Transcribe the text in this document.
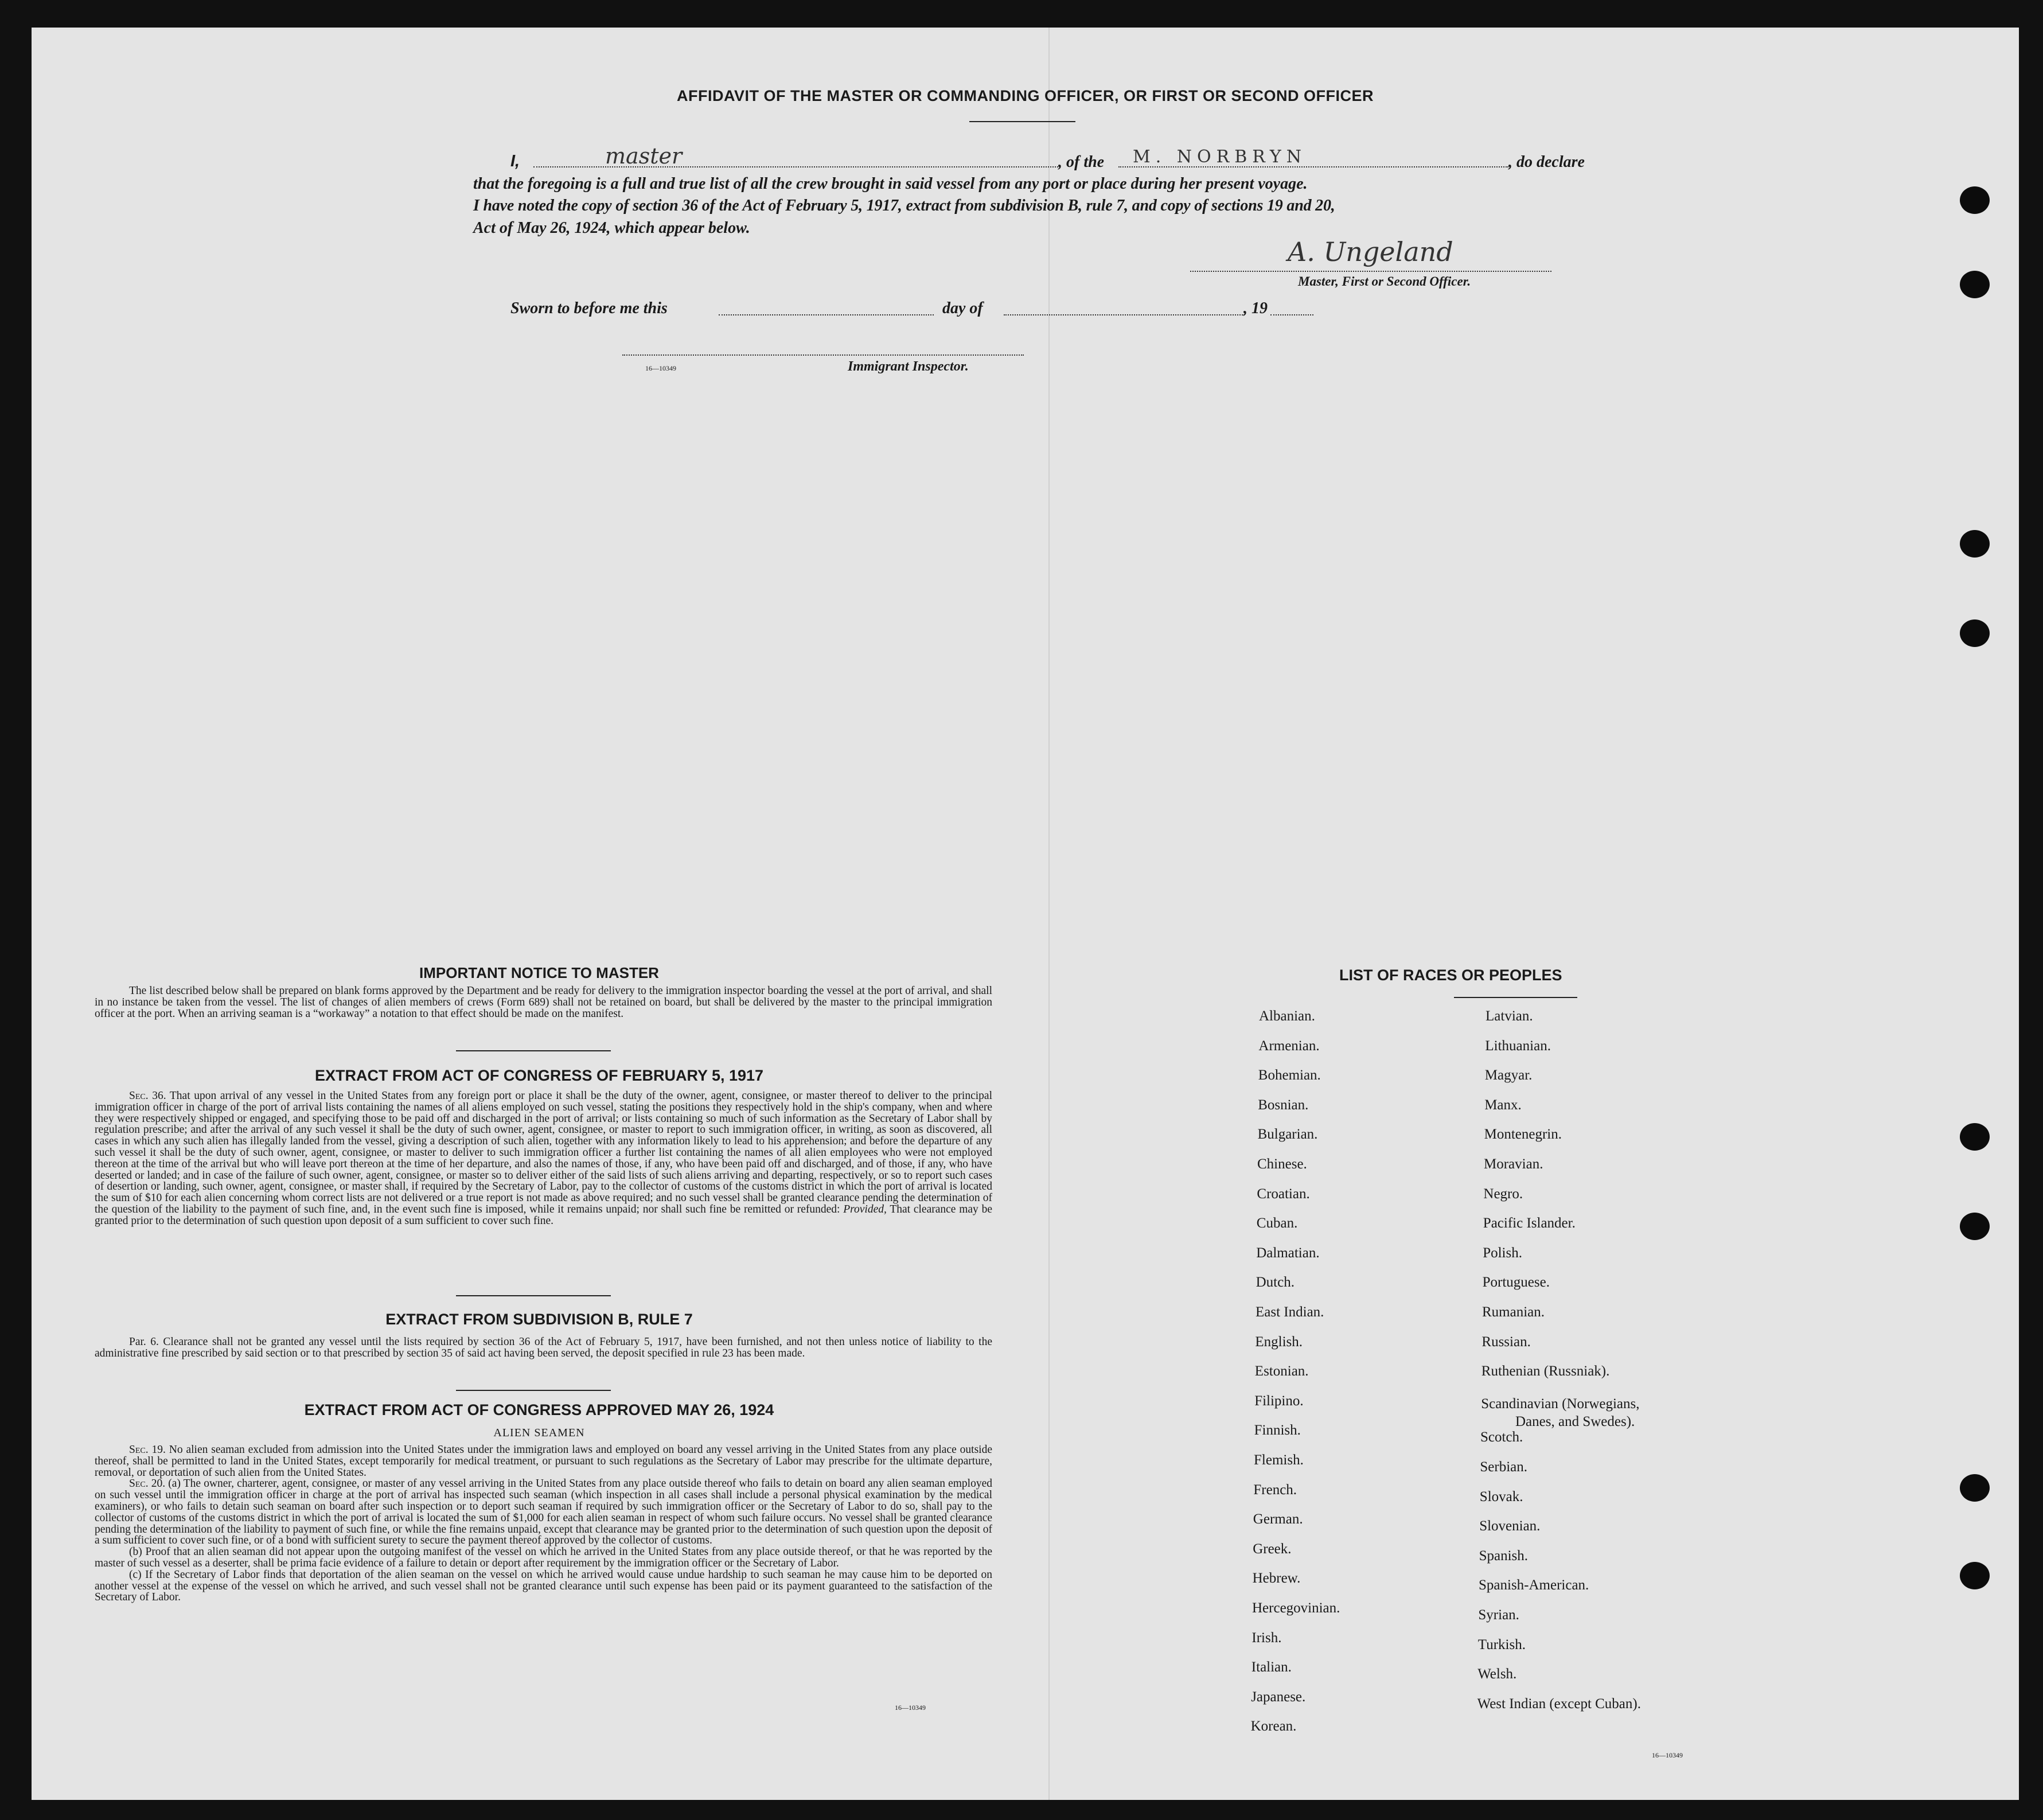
AFFIDAVIT OF THE MASTER OR COMMANDING OFFICER, OR FIRST OR SECOND OFFICER
I,	master	, of the M. NORBRYN	, do declare
that the foregoing is a full and true list of all the crew brought in said vessel from any port or place during her present voyage.
I have noted the copy of section 36 of the Act of February 5, 1917, extract from subdivision B, rule 7, and copy of sections 19 and 20,
Act of May 26, 1924, which appear below.
A. Ungeland
Master, First or Second Officer.
Sworn to before me this	day of	, 19
16—10349	Immigrant Inspector.
IMPORTANT NOTICE TO MASTER

The list described below shall be prepared on blank forms approved by the Department and be ready for delivery to the immigration inspector boarding the vessel at the port of arrival, and shall in no instance be taken from the vessel. The list of changes of alien members of crews (Form 689) shall not be retained on board, but shall be delivered by the master to the principal immigration officer at the port. When an arriving seaman is a “workaway” a notation to that effect should be made on the manifest.

EXTRACT FROM ACT OF CONGRESS OF FEBRUARY 5, 1917

Sec. 36. That upon arrival of any vessel in the United States from any foreign port or place it shall be the duty of the owner, agent, consignee, or master thereof to deliver to the principal immigration officer in charge of the port of arrival lists containing the names of all aliens employed on such vessel, stating the positions they respectively hold in the ship's company, when and where they were respectively shipped or engaged, and specifying those to be paid off and discharged in the port of arrival; or lists containing so much of such information as the Secretary of Labor shall by regulation prescribe; and after the arrival of any such vessel it shall be the duty of such owner, agent, consignee, or master to report to such immigration officer, in writing, as soon as discovered, all cases in which any such alien has illegally landed from the vessel, giving a description of such alien, together with any information likely to lead to his apprehension; and before the departure of any such vessel it shall be the duty of such owner, agent, consignee, or master to deliver to such immigration officer a further list containing the names of all alien employees who were not employed thereon at the time of the arrival but who will leave port thereon at the time of her departure, and also the names of those, if any, who have been paid off and discharged, and of those, if any, who have deserted or landed; and in case of the failure of such owner, agent, consignee, or master so to deliver either of the said lists of such aliens arriving and departing, respectively, or so to report such cases of desertion or landing, such owner, agent, consignee, or master shall, if required by the Secretary of Labor, pay to the collector of customs of the customs district in which the port of arrival is located the sum of $10 for each alien concerning whom correct lists are not delivered or a true report is not made as above required; and no such vessel shall be granted clearance pending the determination of the question of the liability to the payment of such fine, and, in the event such fine is imposed, while it remains unpaid; nor shall such fine be remitted or refunded: Provided, That clearance may be granted prior to the determination of such question upon deposit of a sum sufficient to cover such fine.

EXTRACT FROM SUBDIVISION B, RULE 7

Par. 6. Clearance shall not be granted any vessel until the lists required by section 36 of the Act of February 5, 1917, have been furnished, and not then unless notice of liability to the administrative fine prescribed by said section or to that prescribed by section 35 of said act having been served, the deposit specified in rule 23 has been made.

EXTRACT FROM ACT OF CONGRESS APPROVED MAY 26, 1924
ALIEN SEAMEN

Sec. 19. No alien seaman excluded from admission into the United States under the immigration laws and employed on board any vessel arriving in the United States from any place outside thereof, shall be permitted to land in the United States, except temporarily for medical treatment, or pursuant to such regulations as the Secretary of Labor may prescribe for the ultimate departure, removal, or deportation of such alien from the United States.

Sec. 20. (a) The owner, charterer, agent, consignee, or master of any vessel arriving in the United States from any place outside thereof who fails to detain on board any alien seaman employed on such vessel until the immigration officer in charge at the port of arrival has inspected such seaman (which inspection in all cases shall include a personal physical examination by the medical examiners), or who fails to detain such seaman on board after such inspection or to deport such seaman if required by such immigration officer or the Secretary of Labor to do so, shall pay to the collector of customs of the customs district in which the port of arrival is located the sum of $1,000 for each alien seaman in respect of whom such failure occurs. No vessel shall be granted clearance pending the determination of the liability to payment of such fine, or while the fine remains unpaid, except that clearance may be granted prior to the determination of such question upon the deposit of a sum sufficient to cover such fine, or of a bond with sufficient surety to secure the payment thereof approved by the collector of customs.

(b) Proof that an alien seaman did not appear upon the outgoing manifest of the vessel on which he arrived in the United States from any place outside thereof, or that he was reported by the master of such vessel as a deserter, shall be prima facie evidence of a failure to detain or deport after requirement by the immigration officer or the Secretary of Labor.

(c) If the Secretary of Labor finds that deportation of the alien seaman on the vessel on which he arrived would cause undue hardship to such seaman he may cause him to be deported on another vessel at the expense of the vessel on which he arrived, and such vessel shall not be granted clearance until such expense has been paid or its payment guaranteed to the satisfaction of the Secretary of Labor.

16—10349
LIST OF RACES OR PEOPLES
16—10349
Albanian.
Armenian.
Bohemian.
Bosnian.
Bulgarian.
Chinese.
Croatian.
Cuban.
Dalmatian.
Dutch.
East Indian.
English.
Estonian.
Filipino.
Finnish.
Flemish.
French.
German.
Greek.
Hebrew.
Hercegovinian.
Irish.
Italian.
Japanese.
Korean.
Latvian.
Lithuanian.
Magyar.
Manx.
Montenegrin.
Moravian.
Negro.
Pacific Islander.
Polish.
Portuguese.
Rumanian.
Russian.
Ruthenian (Russniak).
Scandinavian (Norwegians,
Danes, and Swedes).
Scotch.
Serbian.
Slovak.
Slovenian.
Spanish.
Spanish-American.
Syrian.
Turkish.
Welsh.
West Indian (except Cuban).
